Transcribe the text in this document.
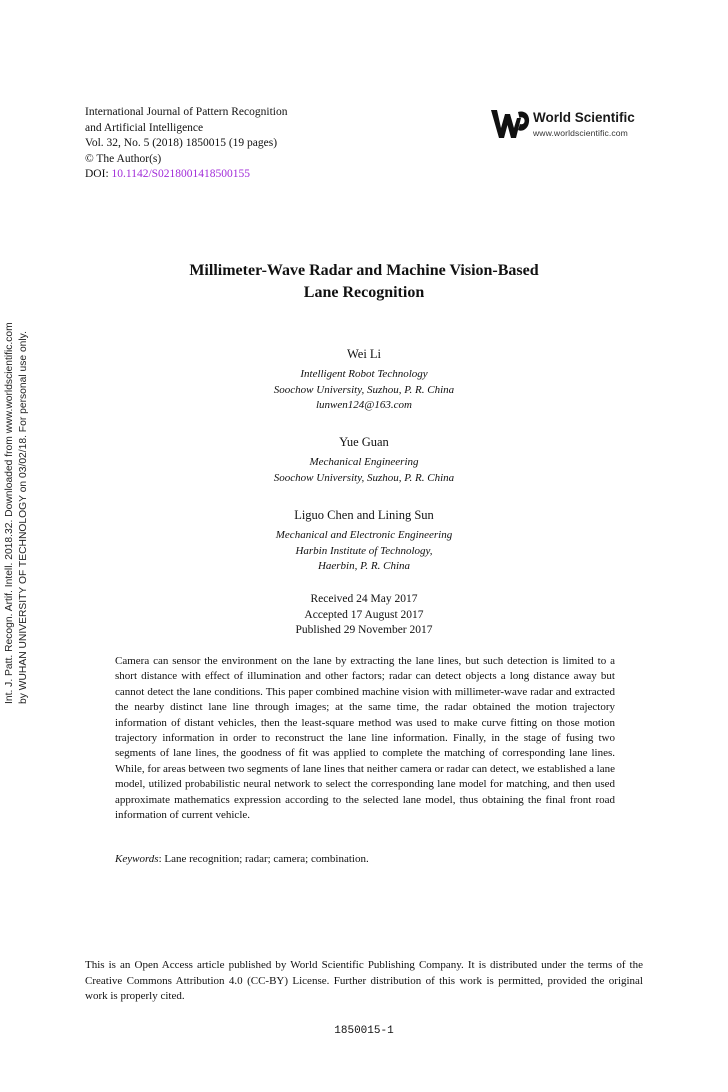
International Journal of Pattern Recognition
and Artificial Intelligence
Vol. 32, No. 5 (2018) 1850015 (19 pages)
© The Author(s)
DOI: 10.1142/S0218001418500155
World Scientific
www.worldscientific.com
Int. J. Patt. Recogn. Artif. Intell. 2018.32. Downloaded from www.worldscientific.com by WUHAN UNIVERSITY OF TECHNOLOGY on 03/02/18. For personal use only.
Millimeter-Wave Radar and Machine Vision-Based
Lane Recognition
Wei Li
Intelligent Robot Technology
Soochow University, Suzhou, P. R. China
lunwen124@163.com
Yue Guan
Mechanical Engineering
Soochow University, Suzhou, P. R. China
Liguo Chen and Lining Sun
Mechanical and Electronic Engineering
Harbin Institute of Technology,
Haerbin, P. R. China
Received 24 May 2017
Accepted 17 August 2017
Published 29 November 2017
Camera can sensor the environment on the lane by extracting the lane lines, but such detection is limited to a short distance with effect of illumination and other factors; radar can detect objects a long distance away but cannot detect the lane conditions. This paper combined machine vision with millimeter-wave radar and extracted the nearby distinct lane line through images; at the same time, the radar obtained the motion trajectory information of distant vehicles, then the least-square method was used to make curve fitting on those motion trajectory information in order to reconstruct the lane line information. Finally, in the stage of fusing two segments of lane lines, the goodness of fit was applied to complete the matching of corresponding lane lines. While, for areas between two segments of lane lines that neither camera or radar can detect, we established a lane model, utilized probabilistic neural network to select the corresponding lane model for matching, and then used approximate mathematics expression according to the selected lane model, thus obtaining the final front road information of current vehicle.
Keywords: Lane recognition; radar; camera; combination.
This is an Open Access article published by World Scientific Publishing Company. It is distributed under the terms of the Creative Commons Attribution 4.0 (CC-BY) License. Further distribution of this work is permitted, provided the original work is properly cited.
1850015-1
